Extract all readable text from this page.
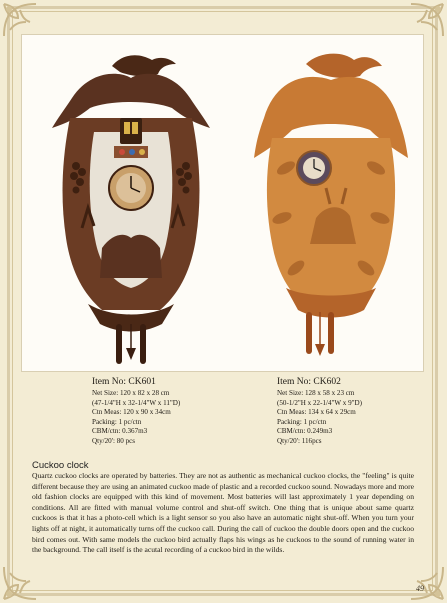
Item No: CK601
Net Size: 120 x 82 x 28 cm
(47-1/4"H x 32-1/4"W x 11"D)
Ctn Meas: 120 x 90 x 34cm
Packing: 1 pc/ctn
CBM/ctn: 0.367m3
Qty/20': 80 pcs
Item No: CK602
Net Size: 128 x 58 x 23 cm
(50-1/2"H x 22-1/4"W x 9"D)
Ctn Meas: 134 x 64 x 29cm
Packing: 1 pc/ctn
CBM/ctn: 0.249m3
Qty/20': 116pcs
Cuckoo clock

Quartz cuckoo clocks are operated by batteries. They are not as authentic as mechanical cuckoo clocks, the "feeling" is quite different because they are using an animated cuckoo made of plastic and a recorded cuckoo sound. Nowadays more and more old fashion clocks are equipped with this kind of movement. Most batteries will last approximately 1 year depending on conditions. All are fitted with manual volume control and shut-off switch. One thing that is unique about same quartz cuckoos is that it has a photo-cell which is a light sensor so you also have an automatic night shut-off. When you turn your lights off at night, it automatically turns off the cuckoo call. During the call of cuckoo the double doors open and the cuckoo bird comes out. With same models the cuckoo bird actually flaps his wings as he cuckoos to the sound of running water in the background. The call itself is the acutal recording of a cuckoo bird in the wilds.

49
